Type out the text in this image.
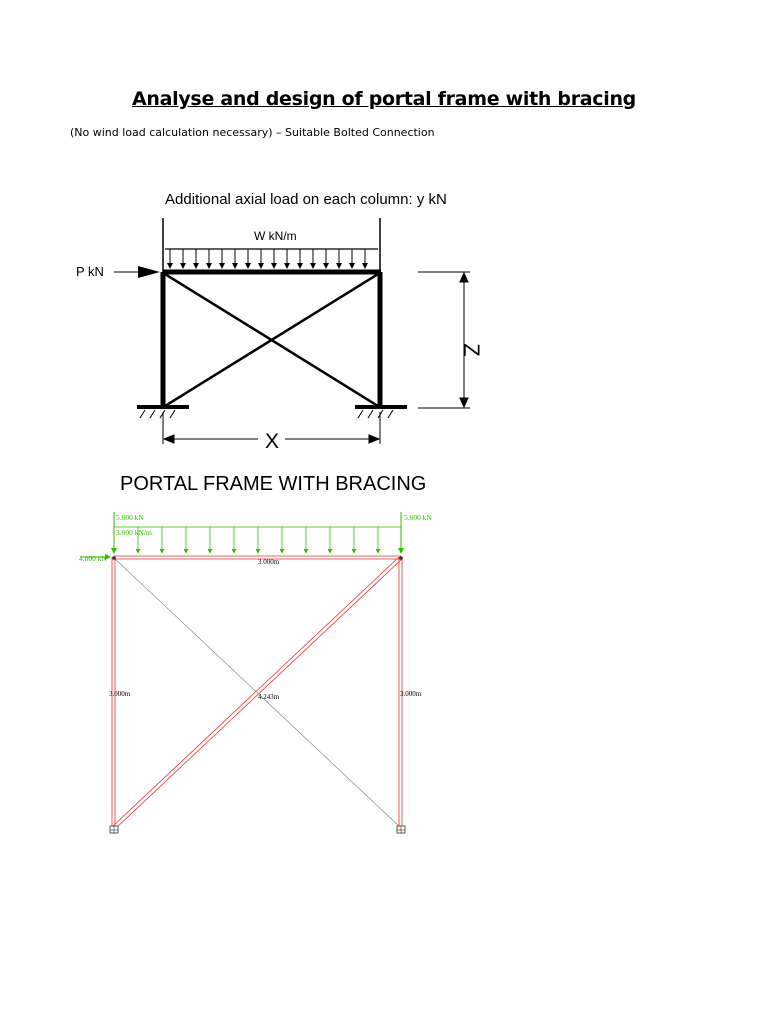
Analyse and design of portal frame with bracing
(No wind load calculation necessary) – Suitable Bolted Connection
Additional axial load on each column: y kN
W kN/m
P kN
Z
X
PORTAL FRAME WITH BRACING
5.000 kN	5.000 kN
3.000 kN/m
4.000 kN	3.000m
3.000m	3.000m
4.243m
